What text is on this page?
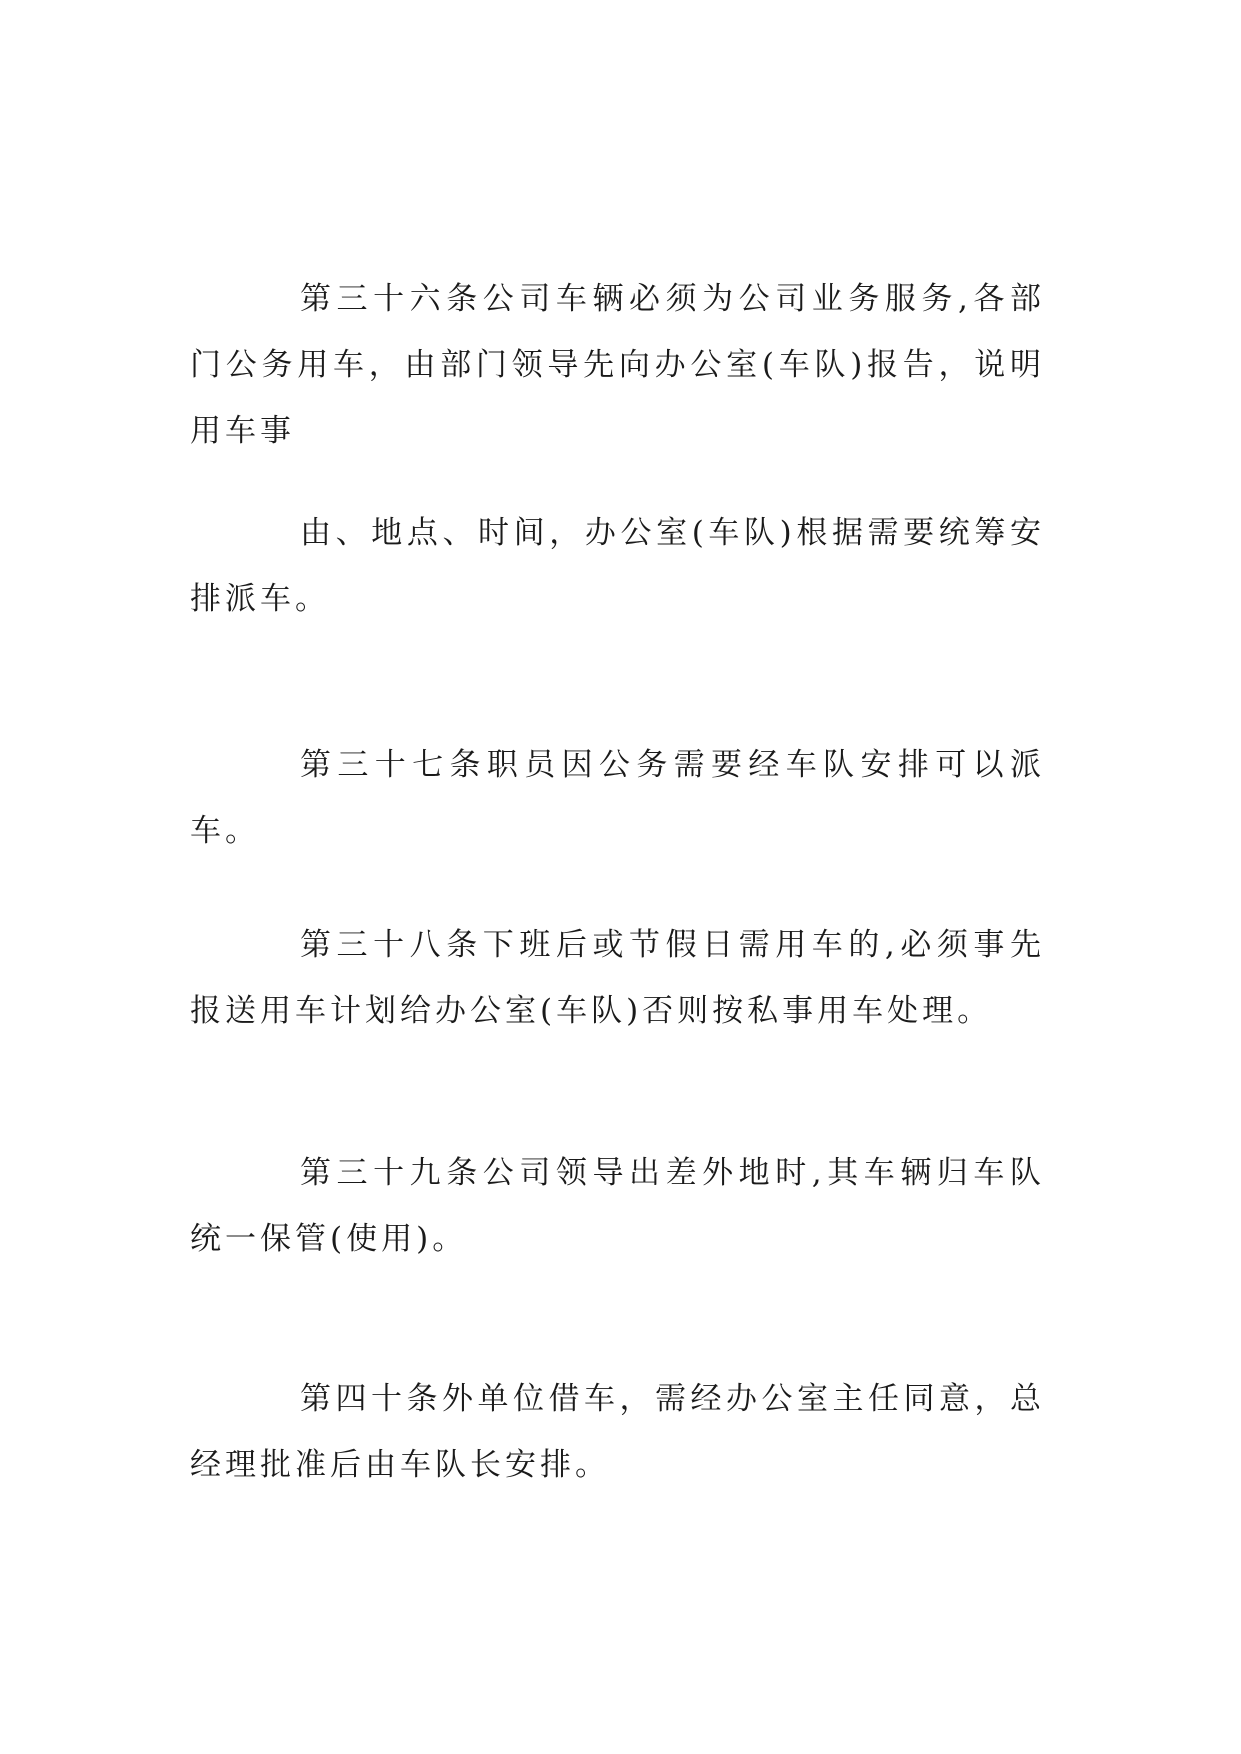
第三十六条公司车辆必须为公司业务服务,各部门公务用车，由部门领导先向办公室(车队)报告，说明用车事

由、地点、时间，办公室(车队)根据需要统筹安排派车。

第三十七条职员因公务需要经车队安排可以派车。

第三十八条下班后或节假日需用车的,必须事先报送用车计划给办公室(车队)否则按私事用车处理。

第三十九条公司领导出差外地时,其车辆归车队统一保管(使用)。

第四十条外单位借车，需经办公室主任同意，总经理批准后由车队长安排。
